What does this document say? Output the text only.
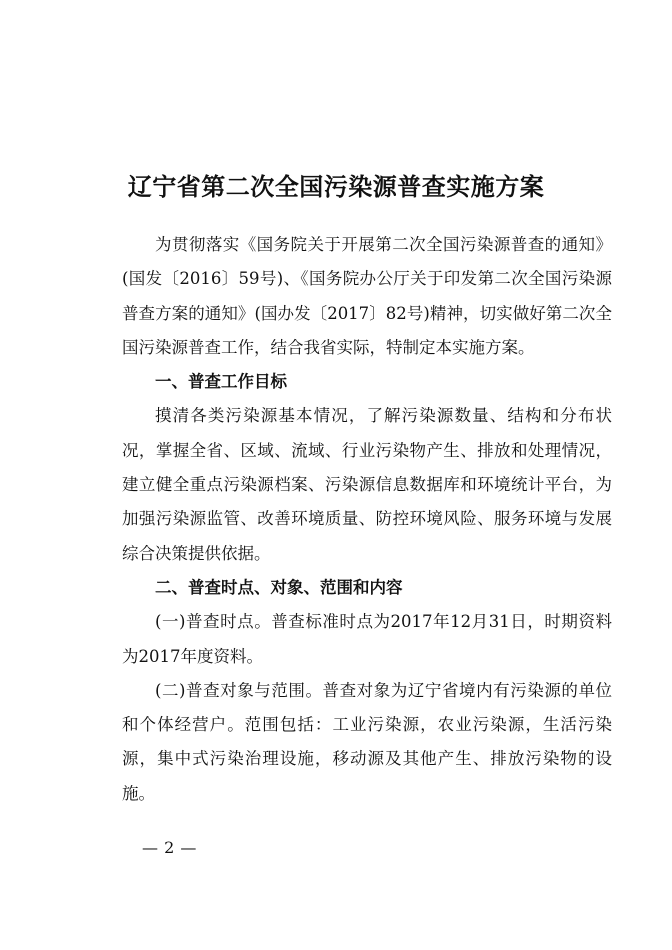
辽宁省第二次全国污染源普查实施方案

为贯彻落实《国务院关于开展第二次全国污染源普查的通知》(国发〔2016〕59号)、《国务院办公厅关于印发第二次全国污染源普查方案的通知》(国办发〔2017〕82号)精神，切实做好第二次全国污染源普查工作，结合我省实际，特制定本实施方案。

一、普查工作目标

摸清各类污染源基本情况，了解污染源数量、结构和分布状况，掌握全省、区域、流域、行业污染物产生、排放和处理情况，建立健全重点污染源档案、污染源信息数据库和环境统计平台，为加强污染源监管、改善环境质量、防控环境风险、服务环境与发展综合决策提供依据。

二、普查时点、对象、范围和内容

(一)普查时点。普查标准时点为2017年12月31日，时期资料为2017年度资料。

(二)普查对象与范围。普查对象为辽宁省境内有污染源的单位和个体经营户。范围包括：工业污染源，农业污染源，生活污染源，集中式污染治理设施，移动源及其他产生、排放污染物的设施。

— 2 —
